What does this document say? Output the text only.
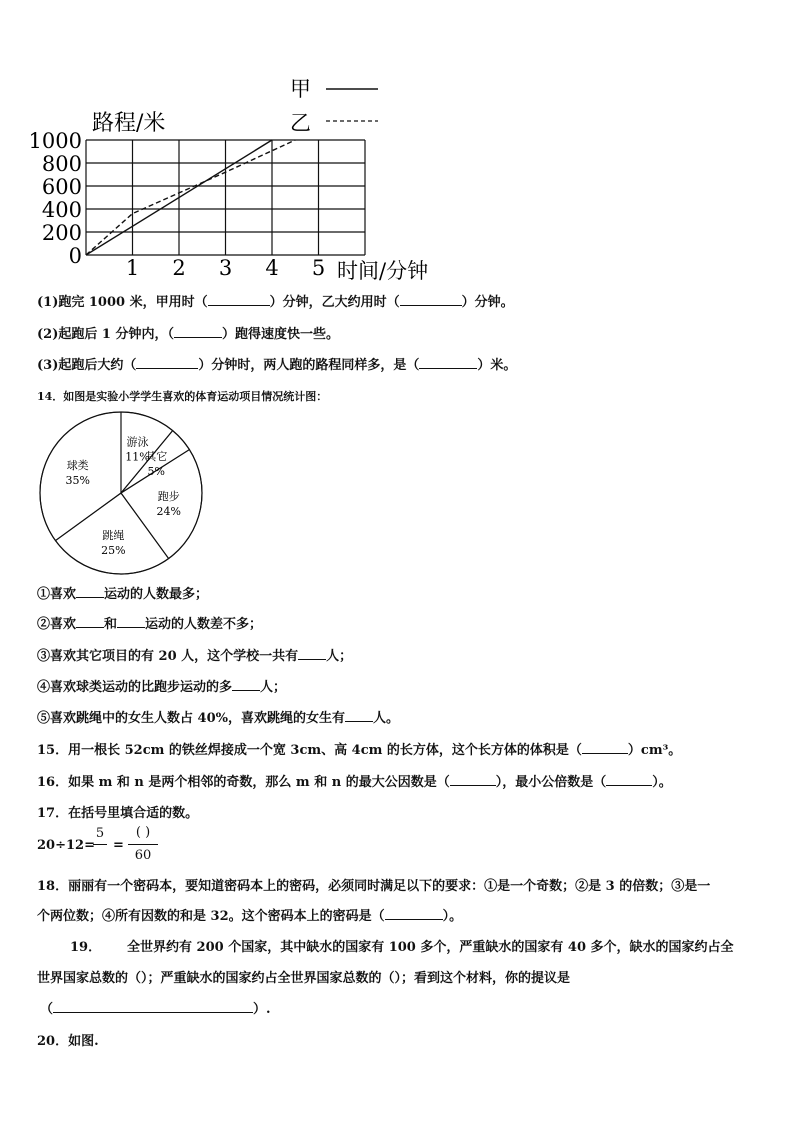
0
200
400
600
800
1000
1 2 3 4 5
路程/米
时间/分钟
甲
乙
(1)跑完 1000 米，甲用时（	）分钟，乙大约用时（	）分钟。
(2)起跑后 1 分钟内，（	）跑得速度快一些。
(3)起跑后大约（	）分钟时，两人跑的路程同样多，是（	）米。
14．如图是实验小学学生喜欢的体育运动项目情况统计图：
游泳
11%
其它
5%
跑步
24%
跳绳
25%
球类
35%
①喜欢 运动的人数最多；
②喜欢 和 运动的人数差不多；
③喜欢其它项目的有 20 人，这个学校一共有 人；
④喜欢球类运动的比跑步运动的多 人；
⑤喜欢跳绳中的女生人数占 40%，喜欢跳绳的女生有 人。
15．用一根长 52cm 的铁丝焊接成一个宽 3cm、高 4cm 的长方体，这个长方体的体积是（	）cm³。
16．如果 m 和 n 是两个相邻的奇数，那么 m 和 n 的最大公因数是（	），最小公倍数是（	）。
17．在括号里填合适的数。
20÷12=
5
=
( )
60
18．丽丽有一个密码本，要知道密码本上的密码，必须同时满足以下的要求：①是一个奇数；②是 3 的倍数；③是一
个两位数；④所有因数的和是 32。这个密码本上的密码是（	）。
19． 全世界约有 200 个国家，其中缺水的国家有 100 多个，严重缺水的国家有 40 多个，缺水的国家约占全
世界国家总数的（）；严重缺水的国家约占全世界国家总数的（）；看到这个材料，你的提议是
（	）.
20．如图.
